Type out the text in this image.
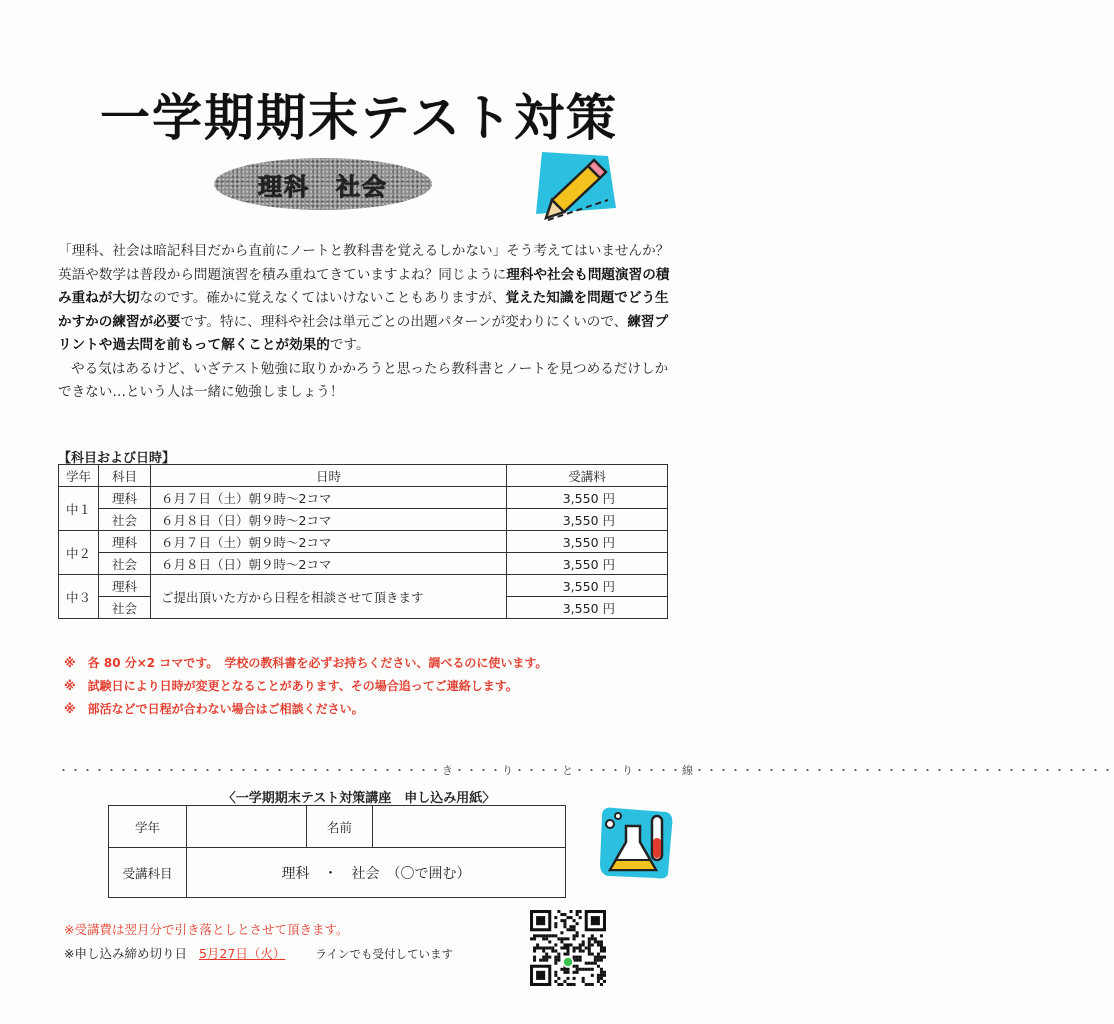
一学期期末テスト対策
理科　社会

「理科、社会は暗記科目だから直前にノートと教科書を覚えるしかない」そう考えてはいませんか？英語や数学は普段から問題演習を積み重ねてきていますよね？同じように理科や社会も問題演習の積み重ねが大切なのです。確かに覚えなくてはいけないこともありますが、覚えた知識を問題でどう生かすかの練習が必要です。特に、理科や社会は単元ごとの出題パターンが変わりにくいので、練習プリントや過去問を前もって解くことが効果的です。

やる気はあるけど、いざテスト勉強に取りかかろうと思ったら教科書とノートを見つめるだけしかできない…という人は一緒に勉強しましょう！

【科目および日時】
学年	科目	日時	受講料
中１	理科	６月７日（土）朝９時〜2コマ	3,550 円
	社会	６月８日（日）朝９時〜2コマ	3,550 円
中２	理科	６月７日（土）朝９時〜2コマ	3,550 円
	社会	６月８日（日）朝９時〜2コマ	3,550 円
中３	理科	ご提出頂いた方から日程を相談させて頂きます	3,550 円
	社会		3,550 円
※　各 80 分×2 コマです。　学校の教科書を必ずお持ちください、調べるのに使います。
※　試験日により日時が変更となることがあります、その場合追ってご連絡します。
※　部活などで日程が合わない場合はご相談ください。
・・・・・・・・・・・・・・・・・・・・・・・・・・・・・・・・き・・・・り・・・・と・・・・り・・・・線・・・・・・・・・・・・・・・・・・・・・・・・・・・・・・・・・・・
〈一学期期末テスト対策講座　申し込み用紙〉
学年		名前	
受講科目	理科　・　社会　（〇で囲む）		
※受講費は翌月分で引き落としとさせて頂きます。
※申し込み締め切り日 5月27日（火）	ラインでも受付しています
